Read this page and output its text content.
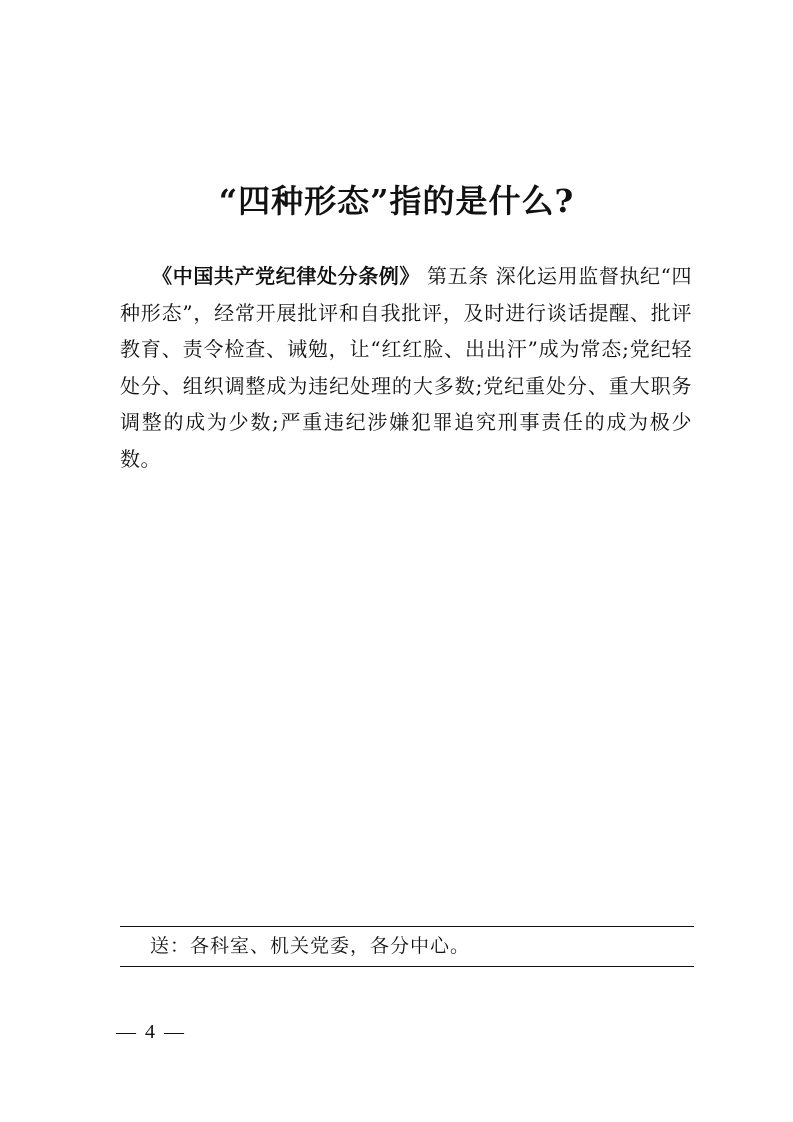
“四种形态”指的是什么?

《中国共产党纪律处分条例》 第五条 深化运用监督执纪“四种形态”，经常开展批评和自我批评，及时进行谈话提醒、批评教育、责令检查、诫勉，让“红红脸、出出汗”成为常态;党纪轻处分、组织调整成为违纪处理的大多数;党纪重处分、重大职务调整的成为少数;严重违纪涉嫌犯罪追究刑事责任的成为极少数。

送：各科室、机关党委，各分中心。
— 4 —
